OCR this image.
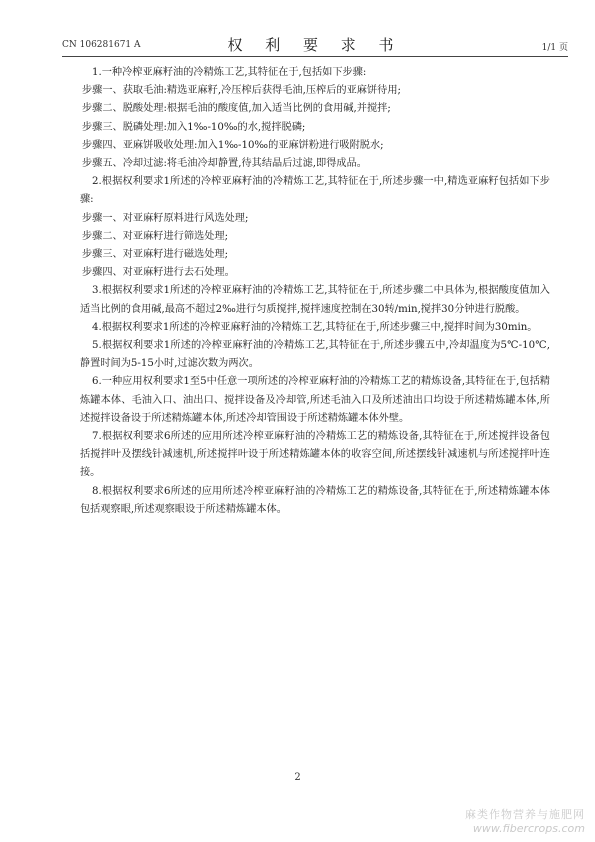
CN 106281671 A	权 利 要 求 书	1/1 页

1.一种冷榨亚麻籽油的冷精炼工艺,其特征在于,包括如下步骤:

步骤一、获取毛油:精选亚麻籽,冷压榨后获得毛油,压榨后的亚麻饼待用;

步骤二、脱酸处理:根据毛油的酸度值,加入适当比例的食用碱,并搅拌;

步骤三、脱磷处理:加入1‰-10‰的水,搅拌脱磷;

步骤四、亚麻饼吸收处理:加入1‰-10‰的亚麻饼粉进行吸附脱水;

步骤五、冷却过滤:将毛油冷却静置,待其结晶后过滤,即得成品。

2.根据权利要求1所述的冷榨亚麻籽油的冷精炼工艺,其特征在于,所述步骤一中,精选亚麻籽包括如下步骤:

步骤一、对亚麻籽原料进行风选处理;

步骤二、对亚麻籽进行筛选处理;

步骤三、对亚麻籽进行磁选处理;

步骤四、对亚麻籽进行去石处理。

3.根据权利要求1所述的冷榨亚麻籽油的冷精炼工艺,其特征在于,所述步骤二中具体为,根据酸度值加入适当比例的食用碱,最高不超过2‰进行匀质搅拌,搅拌速度控制在30转/min,搅拌30分钟进行脱酸。

4.根据权利要求1所述的冷榨亚麻籽油的冷精炼工艺,其特征在于,所述步骤三中,搅拌时间为30min。

5.根据权利要求1所述的冷榨亚麻籽油的冷精炼工艺,其特征在于,所述步骤五中,冷却温度为5℃-10℃,静置时间为5-15小时,过滤次数为两次。

6.一种应用权利要求1至5中任意一项所述的冷榨亚麻籽油的冷精炼工艺的精炼设备,其特征在于,包括精炼罐本体、毛油入口、油出口、搅拌设备及冷却管,所述毛油入口及所述油出口均设于所述精炼罐本体,所述搅拌设备设于所述精炼罐本体,所述冷却管围设于所述精炼罐本体外壁。

7.根据权利要求6所述的应用所述冷榨亚麻籽油的冷精炼工艺的精炼设备,其特征在于,所述搅拌设备包括搅拌叶及摆线针减速机,所述搅拌叶设于所述精炼罐本体的收容空间,所述摆线针减速机与所述搅拌叶连接。

8.根据权利要求6所述的应用所述冷榨亚麻籽油的冷精炼工艺的精炼设备,其特征在于,所述精炼罐本体包括观察眼,所述观察眼设于所述精炼罐本体。

2
麻类作物营养与施肥网
www.fibercrops.com
